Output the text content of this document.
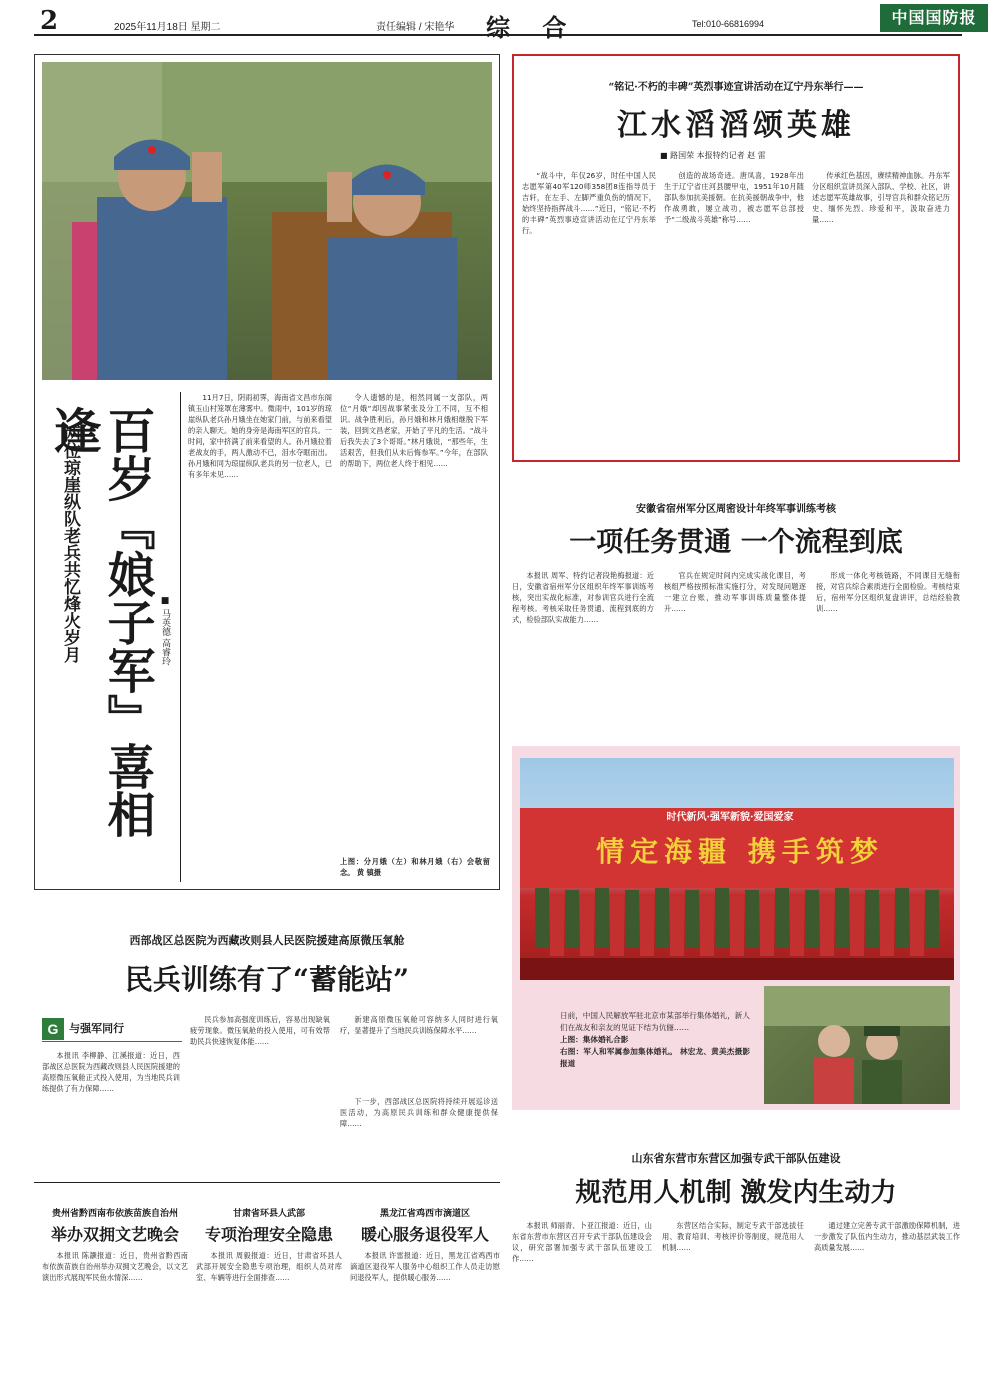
2	2025年11月18日 星期二	责任编辑 / 宋艳华 综 合	Tel:010-66816994	中国国防报
百岁『娘子军』喜相逢
两位琼崖纵队老兵共忆烽火岁月	■ 马英德 高睿玲

11月7日，阴雨初霁，海南省文昌市东阁镇玉山村笼罩在薄雾中。微雨中，101岁的琼崖纵队老兵孙月娥坐在她家门前，与前来看望的亲人聊天。她的身旁是海南军区的官兵。一时间，家中挤满了前来看望的人。孙月娥拉着老战友的手，两人激动不已，泪水夺眶而出。孙月娥和同为琼崖纵队老兵的另一位老人，已有多年未见……

令人遗憾的是，相然同属一支部队，两位“月娥”却因战事紧张及分工不同，互不相识。战争胜利后，孙月娥和林月娥相继脱下军装，回到文昌老家，开始了平凡的生活。“战斗后我失去了3个哥哥。”林月娥说，“那些年，生活艰苦，但我们从未后悔参军。”今年，在部队的帮助下，两位老人终于相见……

上图：分月娥（左）和林月娥（右）会敬留念。 黄 镇摄
“铭记·不朽的丰碑”英烈事迹宣讲活动在辽宁丹东举行——
江水滔滔颂英雄
■ 路国荣 本报特约记者 赵 雷

“战斗中，年仅26岁，时任中国人民志愿军第40军120师358团8连指导员于吉轩，在左手、左脚严重负伤的情况下，始终坚持指挥战斗……”近日，“铭记·不朽的丰碑”英烈事迹宣讲活动在辽宁丹东举行。

创造的战场奇迹。唐凤喜，1928年出生于辽宁省庄河县腰甲屯，1951年10月随部队参加抗美援朝。在抗美援朝战争中，他作战勇敢，屡立战功，被志愿军总部授予“二级战斗英雄”称号……

传承红色基因，赓续精神血脉。丹东军分区组织宣讲员深入部队、学校、社区，讲述志愿军英雄故事，引导官兵和群众铭记历史、缅怀先烈、珍爱和平，汲取奋进力量……

安徽省宿州军分区周密设计年终军事训练考核
一项任务贯通 一个流程到底

本报讯 周军、特约记者段艳梅报道：近日，安徽省宿州军分区组织年终军事训练考核，突出实战化标准，对参训官兵进行全流程考核。考核采取任务贯通、流程到底的方式，检验部队实战能力……

官兵在规定时间内完成实战化课目，考核组严格按照标准实施打分，对发现问题逐一建立台账，推动军事训练质量整体提升……

形成一体化考核链路，不同课目无缝衔接，对官兵综合素质进行全面检验。考核结束后，宿州军分区组织复盘讲评，总结经验教训……

时代新风·强军新貌·爱国爱家
情定海疆 携手筑梦
日前，中国人民解放军驻北京市某部举行集体婚礼，新人们在战友和亲友的见证下结为伉俪……
上图：集体婚礼合影
右图：军人和军属参加集体婚礼。 林宏龙、黄美杰摄影报道
西部战区总医院为西藏改则县人民医院援建高原微压氧舱
民兵训练有了“蓄能站”
G $^{与强军同行}$

本报讯 李柳静、江溪报道：近日，西部战区总医院为西藏改则县人民医院援建的高原微压氧舱正式投入使用，为当地民兵训练提供了有力保障……

民兵参加高强度训练后，容易出现缺氧疲劳现象。微压氧舱的投入使用，可有效帮助民兵快速恢复体能……

新建高原微压氧舱可容纳多人同时进行氧疗，显著提升了当地民兵训练保障水平……

下一步，西部战区总医院将持续开展巡诊送医活动，为高原民兵训练和群众健康提供保障……

贵州省黔西南布依族苗族自治州
举办双拥文艺晚会

本报讯 陈灏报道：近日，贵州省黔西南布依族苗族自治州举办双拥文艺晚会，以文艺演出形式展现军民鱼水情深……

甘肃省环县人武部
专项治理安全隐患

本报讯 周毅报道：近日，甘肃省环县人武部开展安全隐患专项治理，组织人员对库室、车辆等进行全面排查……

黑龙江省鸡西市滴道区
暖心服务退役军人

本报讯 许雷报道：近日，黑龙江省鸡西市滴道区退役军人服务中心组织工作人员走访慰问退役军人，提供暖心服务……

山东省东营市东营区加强专武干部队伍建设
规范用人机制 激发内生动力

本报讯 师丽青、卜亚江报道：近日，山东省东营市东营区召开专武干部队伍建设会议，研究部署加强专武干部队伍建设工作……

东营区结合实际，制定专武干部选拔任用、教育培训、考核评价等制度，规范用人机制……

通过建立完善专武干部激励保障机制，进一步激发了队伍内生动力，推动基层武装工作高质量发展……
